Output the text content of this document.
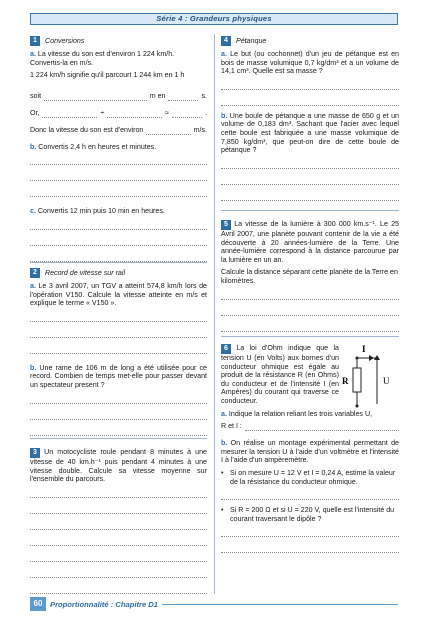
Série 4 : Grandeurs physiques
1	Conversions

a. La vitesse du son est d'environ 1 224 km/h. Convertis-la en m/s.

1 224 km/h signifie qu'il parcourt 1 244 km en 1 h

soit	m en	s.
Or,	÷	≈	.
Donc la vitesse du son est d'environ	m/s.

b. Convertis 2,4 h en heures et minutes.

c. Convertis 12 min puis 10 min en heures.

2	Record de vitesse sur rail

a. Le 3 avril 2007, un TGV a atteint 574,8 km/h lors de l'opération V150. Calcule la vitesse atteinte en m/s et explique le terme « V150 ».

b. Une rame de 106 m de long a été utilisée pour ce record. Combien de temps met-elle pour passer devant un spectateur present ?

3 Un motocycliste roule pendant 8 minutes à une vitesse de 40 km.h⁻¹ puis pendant 4 minutes à une vitesse double. Calcule sa vitesse moyenne sur l'ensemble du parcours.

4	Pétanque

a. Le but (ou cochonnet) d'un jeu de pétanque est en bois de masse volumique 0,7 kg/dm³ et a un volume de 14,1 cm³. Quelle est sa masse ?

b. Une boule de pétanque a une masse de 650 g et un volume de 0,183 dm³. Sachant que l'acier avec lequel cette boule est fabriquée a une masse volumique de 7,850 kg/dm³, que peut-on dire de cette boule de pétanque ?

5 La vitesse de la lumière à 300 000 km.s⁻¹. Le 25 Avril 2007, une planète pouvant contenir de la vie a été découverte à 20 années-lumière de la Terre. Une année-lumière correspond à la distance parcourue par la lumière en un an.

Calcule la distance séparant cette planète de la Terre en kilomètres.

6 La loi d'Ohm indique que la tension U (en Volts) aux bornes d'un conducteur ohmique est égale au produit de la résistance R (en Ohms) du conducteur et de l'intensité I (en Ampères) du courant qui traverse ce conducteur.

I
R	U

a. Indique la relation reliant les trois variables U,

R et I :

b. On réalise un montage expérimental permettant de mesurer la tension U à l'aide d'un voltmètre et l'intensité I à l'aide d'un ampèremètre.

• Si on mesure U = 12 V et I = 0,24 A, estime la valeur de la résistance du conducteur ohmique.

• Si R = 200 Ω et si U = 220 V, quelle est l'intensité du courant traversant le dipôle ?

60 Proportionnalité : Chapitre D1
